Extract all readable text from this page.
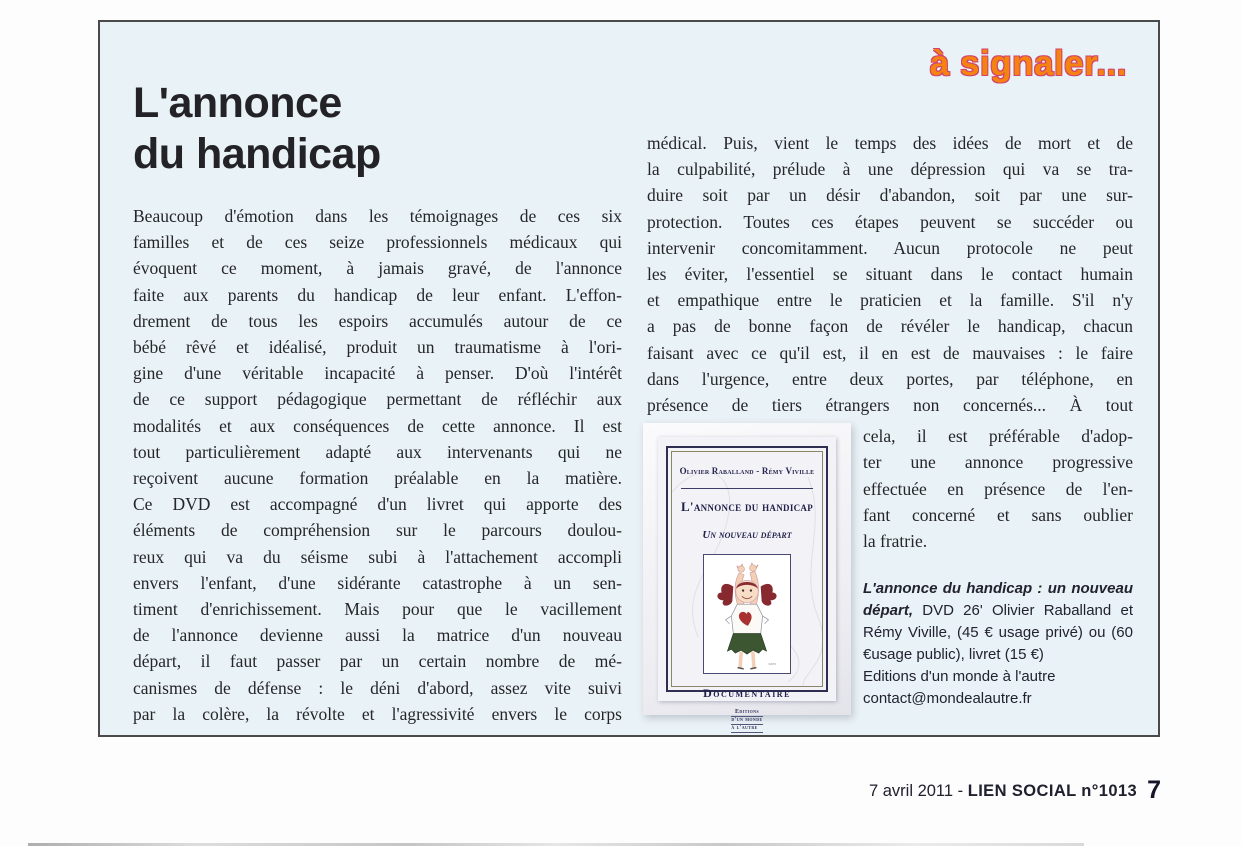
à signaler...
L'annonce
du handicap
Beaucoup d'émotion dans les témoignages de ces six
familles et de ces seize professionnels médicaux qui
évoquent ce moment, à jamais gravé, de l'annonce
faite aux parents du handicap de leur enfant. L'effon-
drement de tous les espoirs accumulés autour de ce
bébé rêvé et idéalisé, produit un traumatisme à l'ori-
gine d'une véritable incapacité à penser. D'où l'intérêt
de ce support pédagogique permettant de réfléchir aux
modalités et aux conséquences de cette annonce. Il est
tout particulièrement adapté aux intervenants qui ne
reçoivent aucune formation préalable en la matière.
Ce DVD est accompagné d'un livret qui apporte des
éléments de compréhension sur le parcours doulou-
reux qui va du séisme subi à l'attachement accompli
envers l'enfant, d'une sidérante catastrophe à un sen-
timent d'enrichissement. Mais pour que le vacillement
de l'annonce devienne aussi la matrice d'un nouveau
départ, il faut passer par un certain nombre de mé-
canismes de défense : le déni d'abord, assez vite suivi
par la colère, la révolte et l'agressivité envers le corps
médical. Puis, vient le temps des idées de mort et de
la culpabilité, prélude à une dépression qui va se tra-
duire soit par un désir d'abandon, soit par une sur-
protection. Toutes ces étapes peuvent se succéder ou
intervenir concomitamment. Aucun protocole ne peut
les éviter, l'essentiel se situant dans le contact humain
et empathique entre le praticien et la famille. S'il n'y
a pas de bonne façon de révéler le handicap, chacun
faisant avec ce qu'il est, il en est de mauvaises : le faire
dans l'urgence, entre deux portes, par téléphone, en
présence de tiers étrangers non concernés... À tout
Olivier Raballand - Rémy Viville
L'annonce du handicap
Un nouveau départ
sam
Documentaire
Editions
d'un monde
à l'autre
cela, il est préférable d'adop-
ter une annonce progressive
effectuée en présence de l'en-
fant concerné et sans oublier
la fratrie.

L'annonce du handicap : un nouveau départ, DVD 26' Olivier Raballand et Rémy Viville, (45 € usage privé) ou (60 €usage public), livret (15 €)

Editions d'un monde à l'autre
contact@mondealautre.fr
7 avril 2011 - LIEN SOCIAL n°1013 7
